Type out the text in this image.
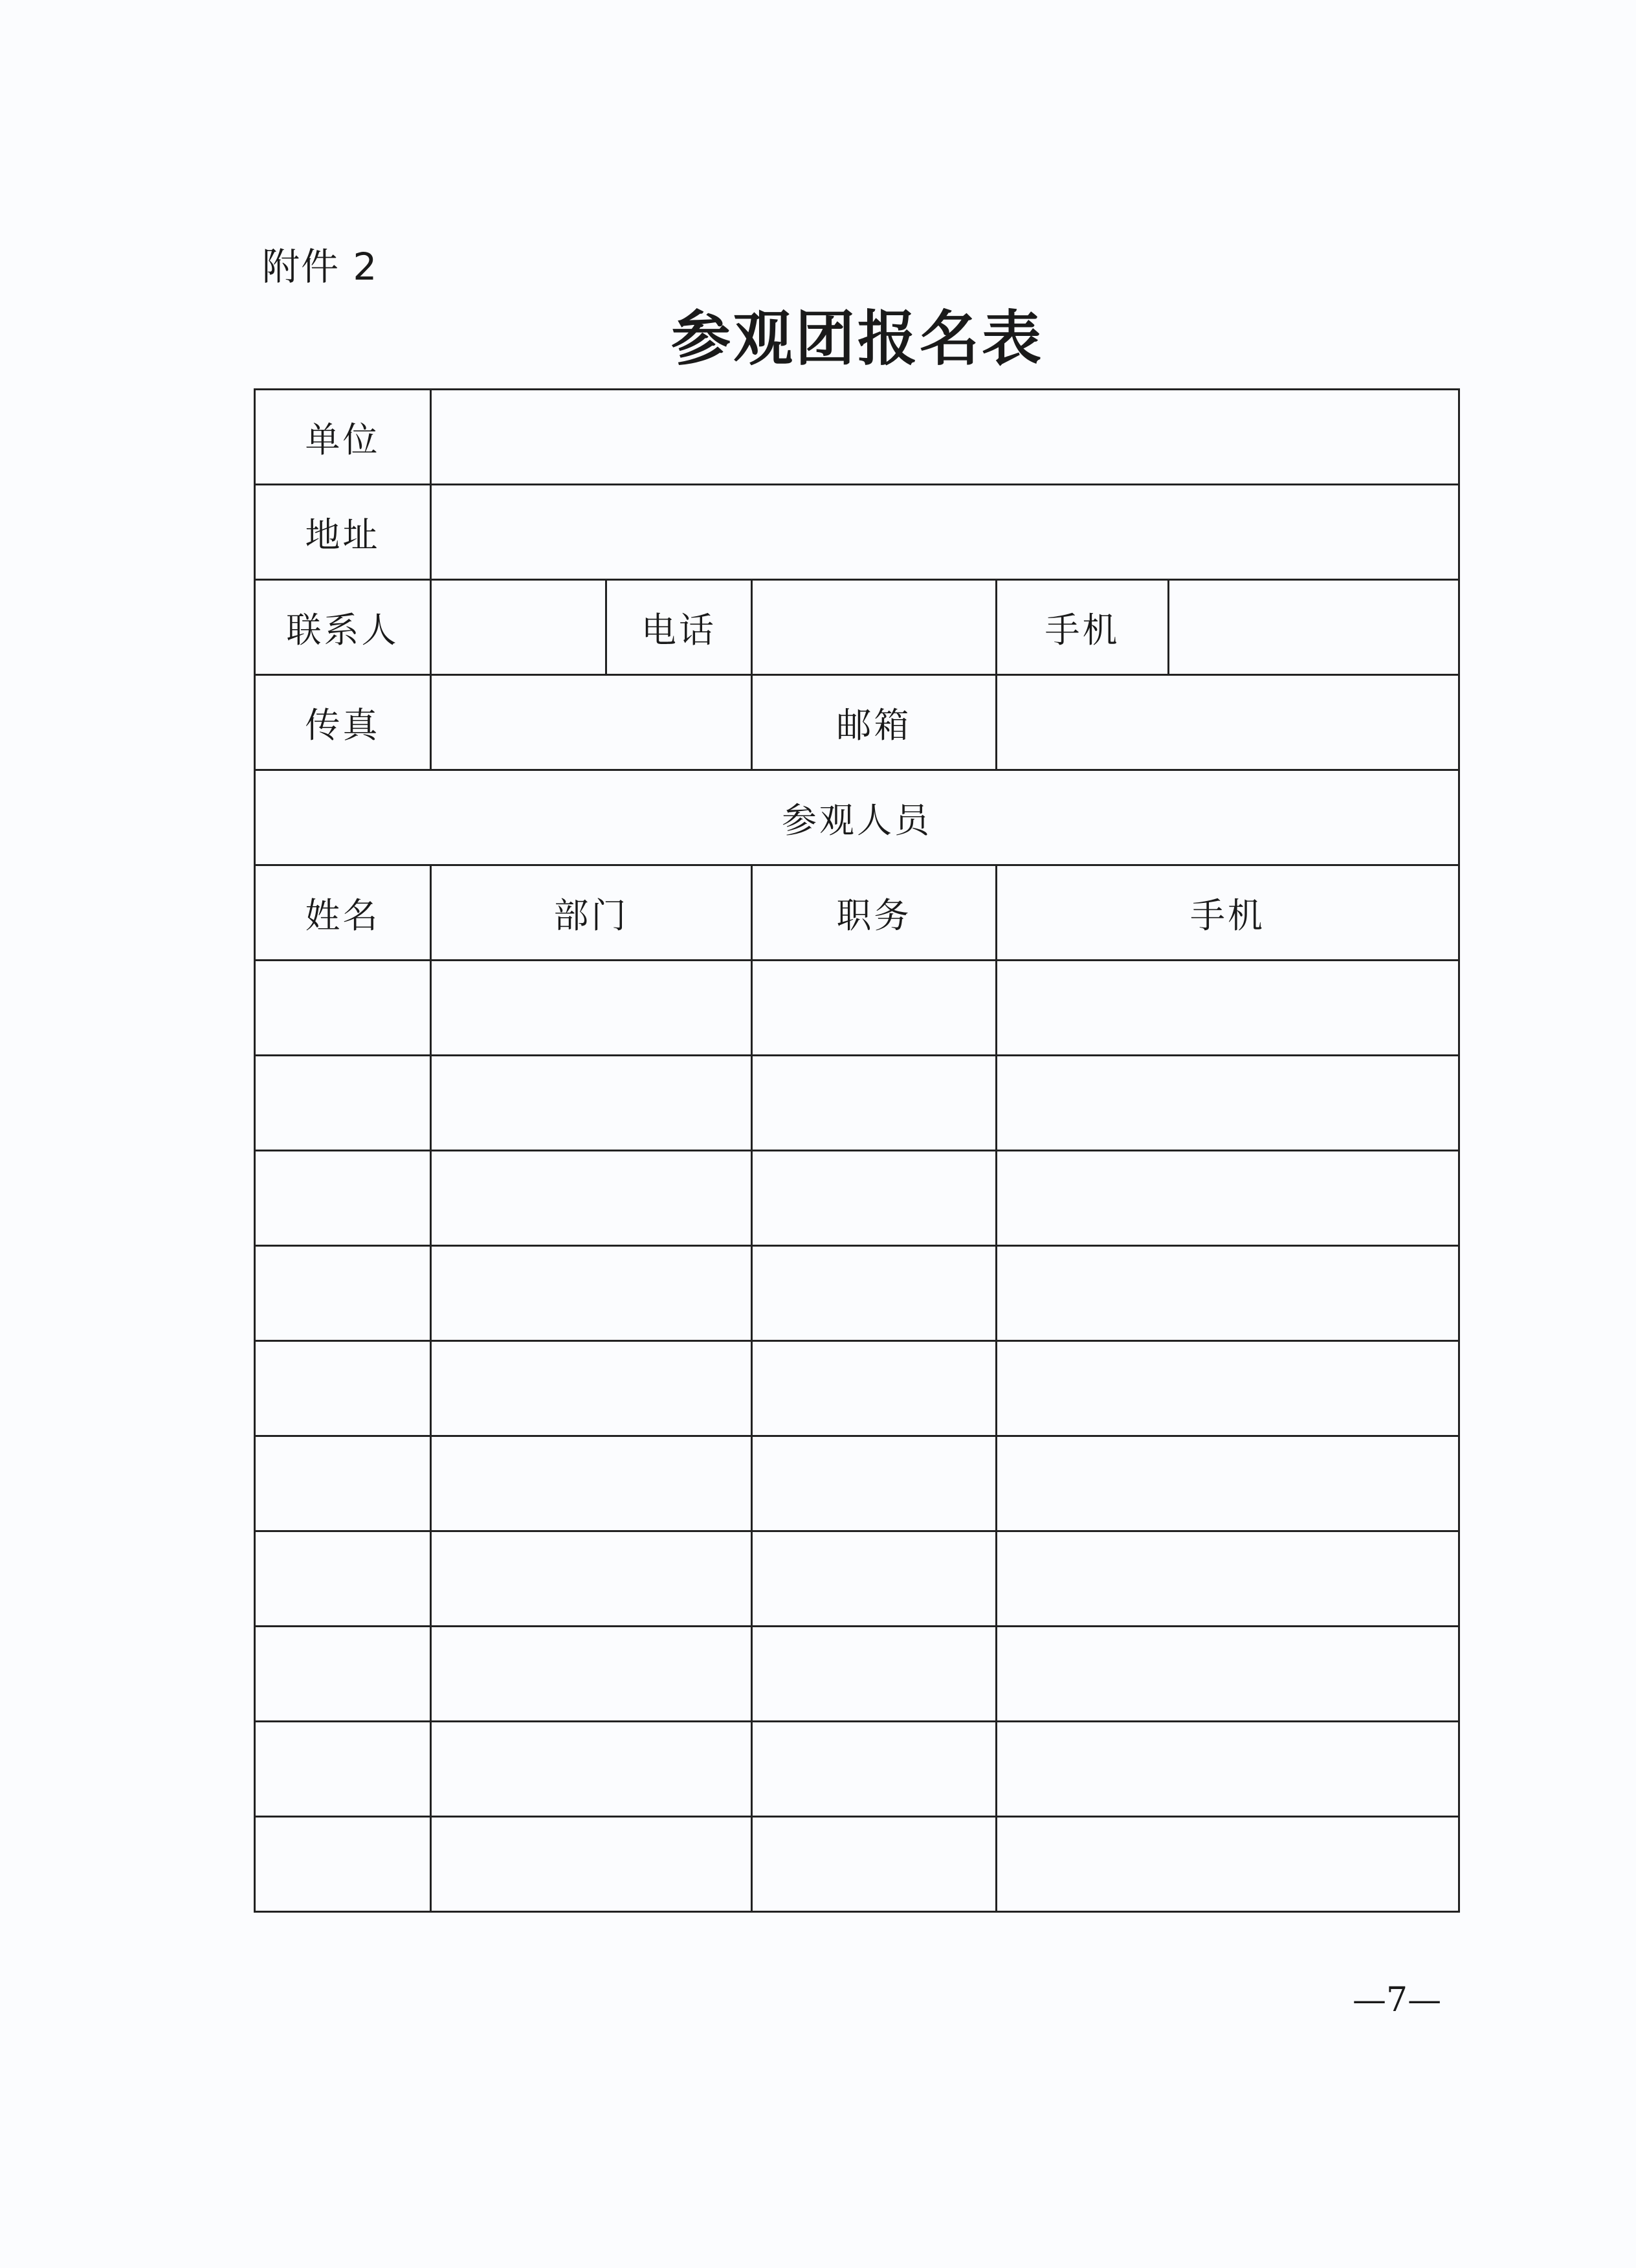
附件 2
参观团报名表
单位					
地址					
联系人		电话		手机	
传真			邮箱		
参观人员					
姓名	部门		职务	手机	

—7—
